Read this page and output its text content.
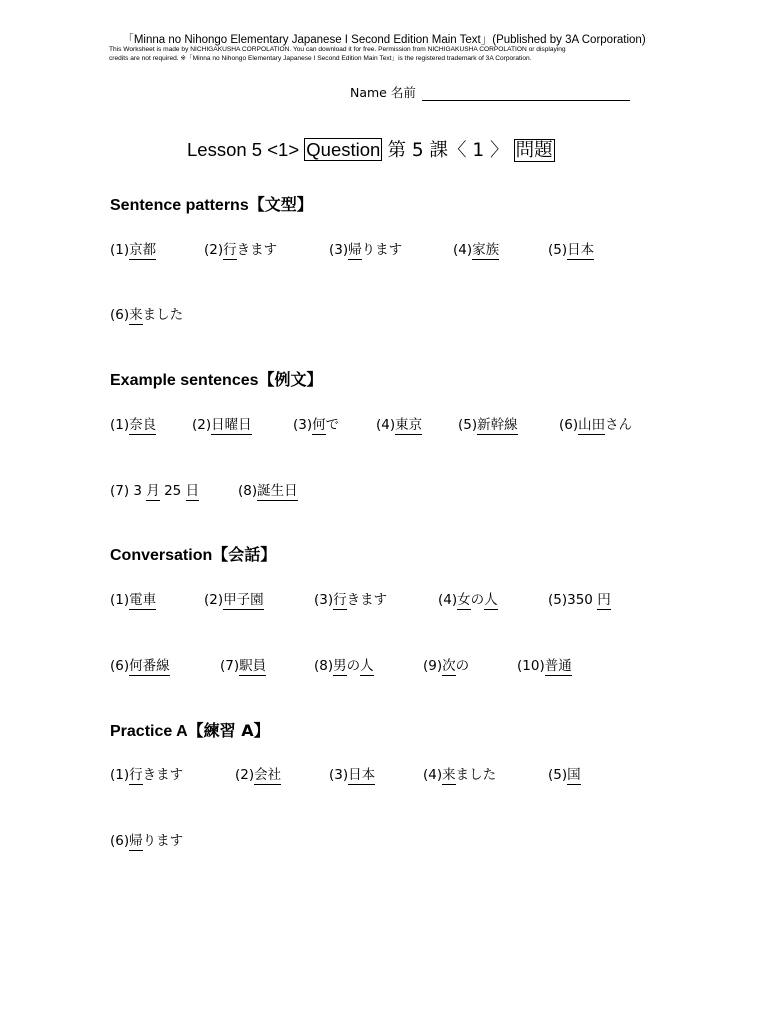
「Minna no Nihongo Elementary Japanese I Second Edition Main Text」(Published by 3A Corporation)
This Worksheet is made by NICHIGAKUSHA CORPOLATION. You can download it for free. Permission from NICHIGAKUSHA CORPOLATION or displaying
credits are not required. ※「Minna no Nihongo Elementary Japanese I Second Edition Main Text」is the registered trademark of 3A Corporation.
Name 名前
Lesson 5 <1> Question 第 5 課〈 1 〉 問題
Sentence patterns【文型】
(1)京都	(2)行きます	(3)帰ります	(4)家族	(5)日本
(6)来ました
Example sentences【例文】
(1)奈良	(2)日曜日	(3)何で	(4)東京	(5)新幹線	(6)山田さん
(7) 3 月 25 日	(8)誕生日
Conversation【会話】
(1)電車	(2)甲子園	(3)行きます	(4)女の人	(5)350 円
(6)何番線	(7)駅員	(8)男の人	(9)次の	(10)普通
Practice A【練習 A】
(1)行きます	(2)会社	(3)日本	(4)来ました	(5)国
(6)帰ります
